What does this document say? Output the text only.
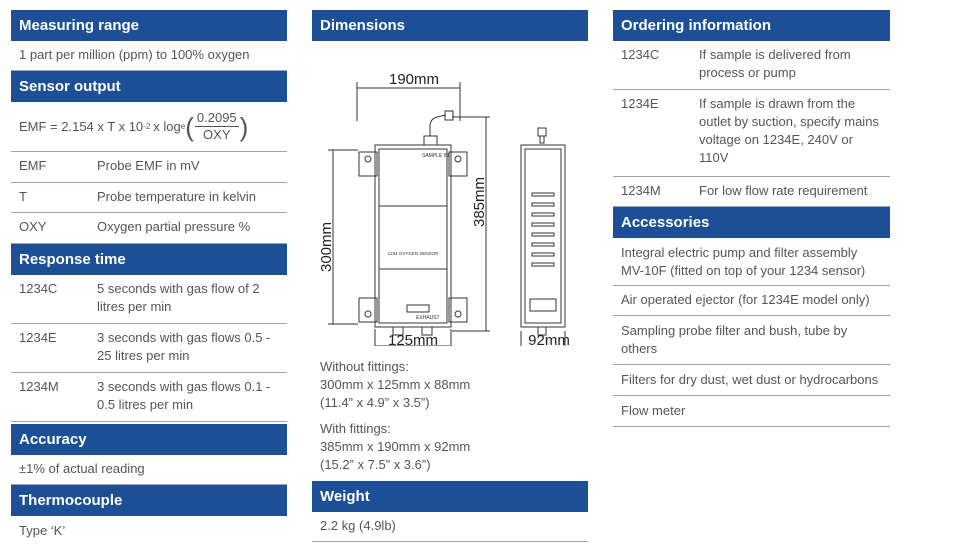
Measuring range
1 part per million (ppm) to 100% oxygen
Sensor output
EMF = 2.154 x T x 10 -2 x log e ( $\frac{0.2095}{\text{OXY}}$ )
EMF	Probe EMF in mV
T	Probe temperature in kelvin
OXY	Oxygen partial pressure %
Response time
1234C	5 seconds with gas flow of 2 litres per min
1234E	3 seconds with gas flows 0.5 - 25 litres per min
1234M	3 seconds with gas flows 0.1 - 0.5 litres per min
Accuracy
±1% of actual reading
Thermocouple
Type ‘K’
Dimensions
190mm
SAMPLE IN
1234 OXYGEN SENSOR
EXHAUST
300mm
385mm
125mm	92mm
Without fittings:
300mm x 125mm x 88mm
(11.4” x 4.9” x 3.5”)
With fittings:
385mm x 190mm x 92mm
(15.2” x 7.5” x 3.6”)
Weight
2.2 kg (4.9lb)
Ordering information
1234C	If sample is delivered from process or pump
1234E	If sample is drawn from the outlet by suction, specify mains voltage on 1234E, 240V or 110V
1234M	For low flow rate requirement
Accessories
Integral electric pump and filter assembly MV-10F (fitted on top of your 1234 sensor)
Air operated ejector (for 1234E model only)
Sampling probe filter and bush, tube by others
Filters for dry dust, wet dust or hydrocarbons
Flow meter
